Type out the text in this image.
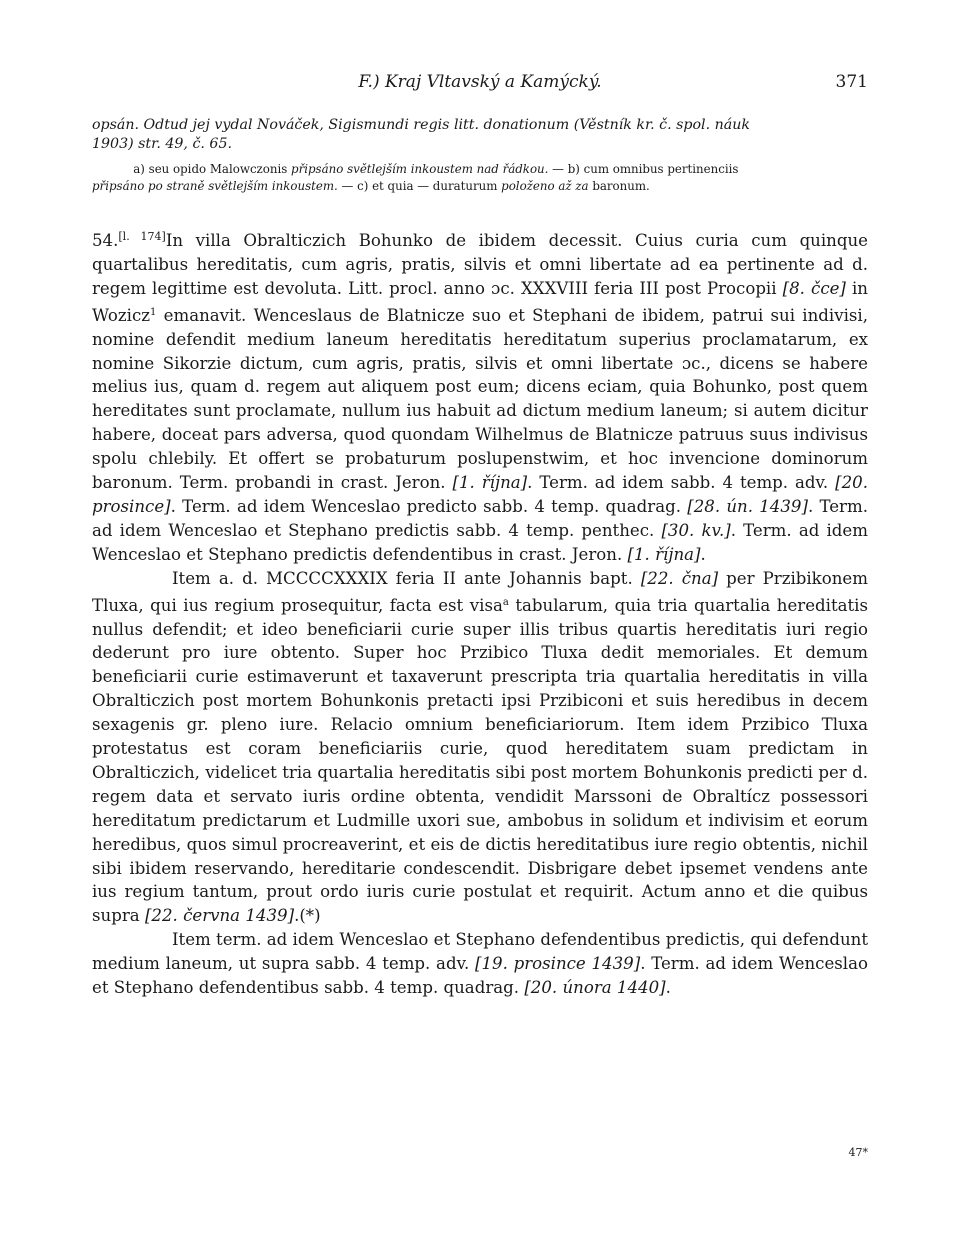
F.) Kraj Vltavský a Kamýcký.	371
opsán. Odtud jej vydal Nováček, Sigismundi regis litt. donationum (Věstník kr. č. spol. náuk
1903) str. 49, č. 65.
a) seu opido Malowczonis připsáno světlejším inkoustem nad řádkou. — b) cum omnibus pertinenciis
připsáno po straně světlejším inkoustem. — c) et quia — duraturum položeno až za baronum.

54.[l. 174]In villa Obralticzich Bohunko de ibidem decessit. Cuius curia cum quinque quartalibus hereditatis, cum agris, pratis, silvis et omni libertate ad ea pertinente ad d. regem legittime est devoluta. Litt. procl. anno ɔc. XXXVIII feria III post Procopii [8. čce] in Wozicz$^1$ emanavit. Wenceslaus de Blatnicze suo et Stephani de ibidem, patrui sui indivisi, nomine defendit medium laneum hereditatis hereditatum superius proclamatarum, ex nomine Sikorzie dictum, cum agris, pratis, silvis et omni libertate ɔc., dicens se habere melius ius, quam d. regem aut aliquem post eum; dicens eciam, quia Bohunko, post quem hereditates sunt proclamate, nullum ius habuit ad dictum medium laneum; si autem dicitur habere, doceat pars adversa, quod quondam Wilhelmus de Blatnicze patruus suus indivisus spolu chlebily. Et offert se probaturum poslupenstwim, et hoc invencione dominorum baronum. Term. probandi in crast. Jeron. [1. října]. Term. ad idem sabb. 4 temp. adv. [20. prosince]. Term. ad idem Wenceslao predicto sabb. 4 temp. quadrag. [28. ún. 1439]. Term. ad idem Wenceslao et Stephano predictis sabb. 4 temp. penthec. [30. kv.]. Term. ad idem Wenceslao et Stephano predictis defendentibus in crast. Jeron. [1. října].

Item a. d. MCCCCXXXIX feria II ante Johannis bapt. [22. čna] per Przibikonem Tluxa, qui ius regium prosequitur, facta est visa$^a$ tabularum, quia tria quartalia hereditatis nullus defendit; et ideo beneficiarii curie super illis tribus quartis hereditatis iuri regio dederunt pro iure obtento. Super hoc Przibico Tluxa dedit memoriales. Et demum beneficiarii curie estimaverunt et taxaverunt prescripta tria quartalia hereditatis in villa Obralticzich post mortem Bohunkonis pretacti ipsi Przibiconi et suis heredibus in decem sexagenis gr. pleno iure. Relacio omnium beneficiariorum. Item idem Przibico Tluxa protestatus est coram beneficiariis curie, quod hereditatem suam predictam in Obralticzich, videlicet tria quartalia hereditatis sibi post mortem Bohunkonis predicti per d. regem data et servato iuris ordine obtenta, vendidit Marssoni de Obraltícz possessori hereditatum predictarum et Ludmille uxori sue, ambobus in solidum et indivisim et eorum heredibus, quos simul procreaverint, et eis de dictis hereditatibus iure regio obtentis, nichil sibi ibidem reservando, hereditarie condescendit. Disbrigare debet ipsemet vendens ante ius regium tantum, prout ordo iuris curie postulat et requirit. Actum anno et die quibus supra [22. června 1439].(*)

Item term. ad idem Wenceslao et Stephano defendentibus predictis, qui defendunt medium laneum, ut supra sabb. 4 temp. adv. [19. prosince 1439]. Term. ad idem Wenceslao et Stephano defendentibus sabb. 4 temp. quadrag. [20. února 1440].

47*
